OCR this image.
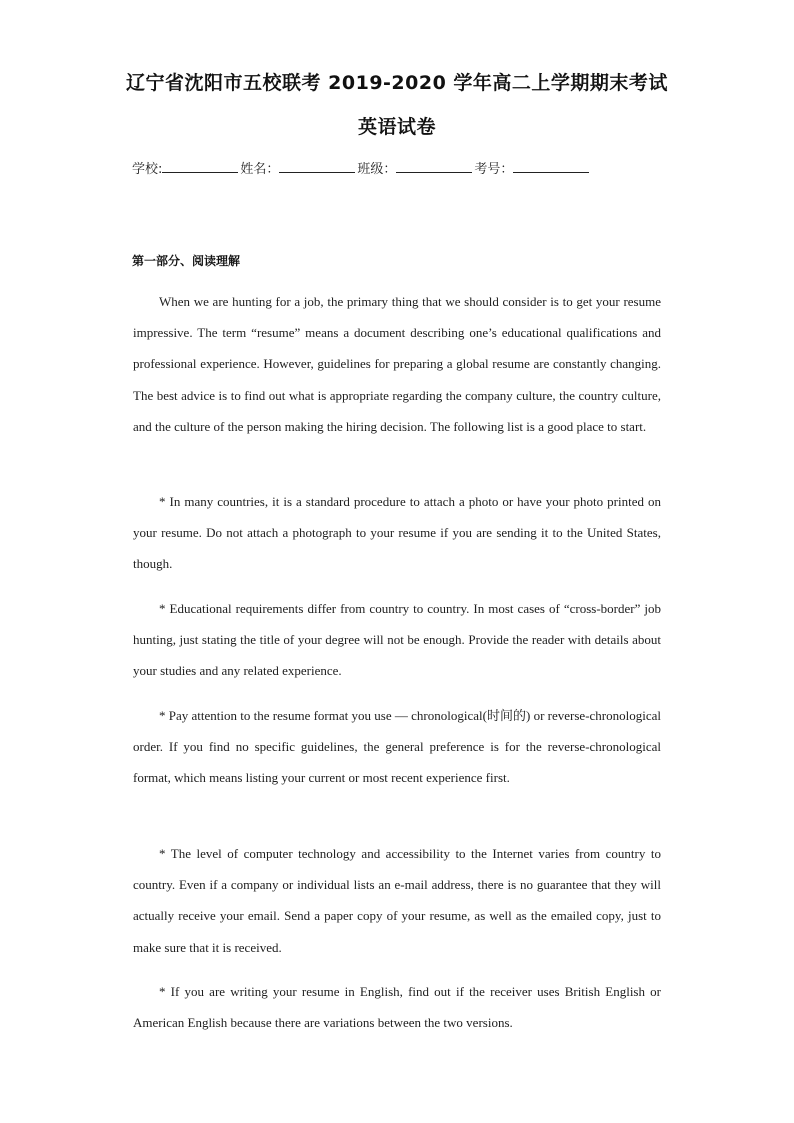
辽宁省沈阳市五校联考 2019-2020 学年高二上学期期末考试
英语试卷
学校:	姓名：	班级：	考号：
第一部分、阅读理解

When we are hunting for a job, the primary thing that we should consider is to get your resume impressive. The term “resume” means a document describing one’s educational qualifications and professional experience. However, guidelines for preparing a global resume are constantly changing. The best advice is to find out what is appropriate regarding the company culture, the country culture, and the culture of the person making the hiring decision. The following list is a good place to start.

* In many countries, it is a standard procedure to attach a photo or have your photo printed on your resume. Do not attach a photograph to your resume if you are sending it to the United States, though.

* Educational requirements differ from country to country. In most cases of “cross-border” job hunting, just stating the title of your degree will not be enough. Provide the reader with details about your studies and any related experience.

* Pay attention to the resume format you use — chronological(时间的) or reverse-chronological order. If you find no specific guidelines, the general preference is for the reverse-chronological format, which means listing your current or most recent experience first.

* The level of computer technology and accessibility to the Internet varies from country to country. Even if a company or individual lists an e-mail address, there is no guarantee that they will actually receive your email. Send a paper copy of your resume, as well as the emailed copy, just to make sure that it is received.

* If you are writing your resume in English, find out if the receiver uses British English or American English because there are variations between the two versions.
